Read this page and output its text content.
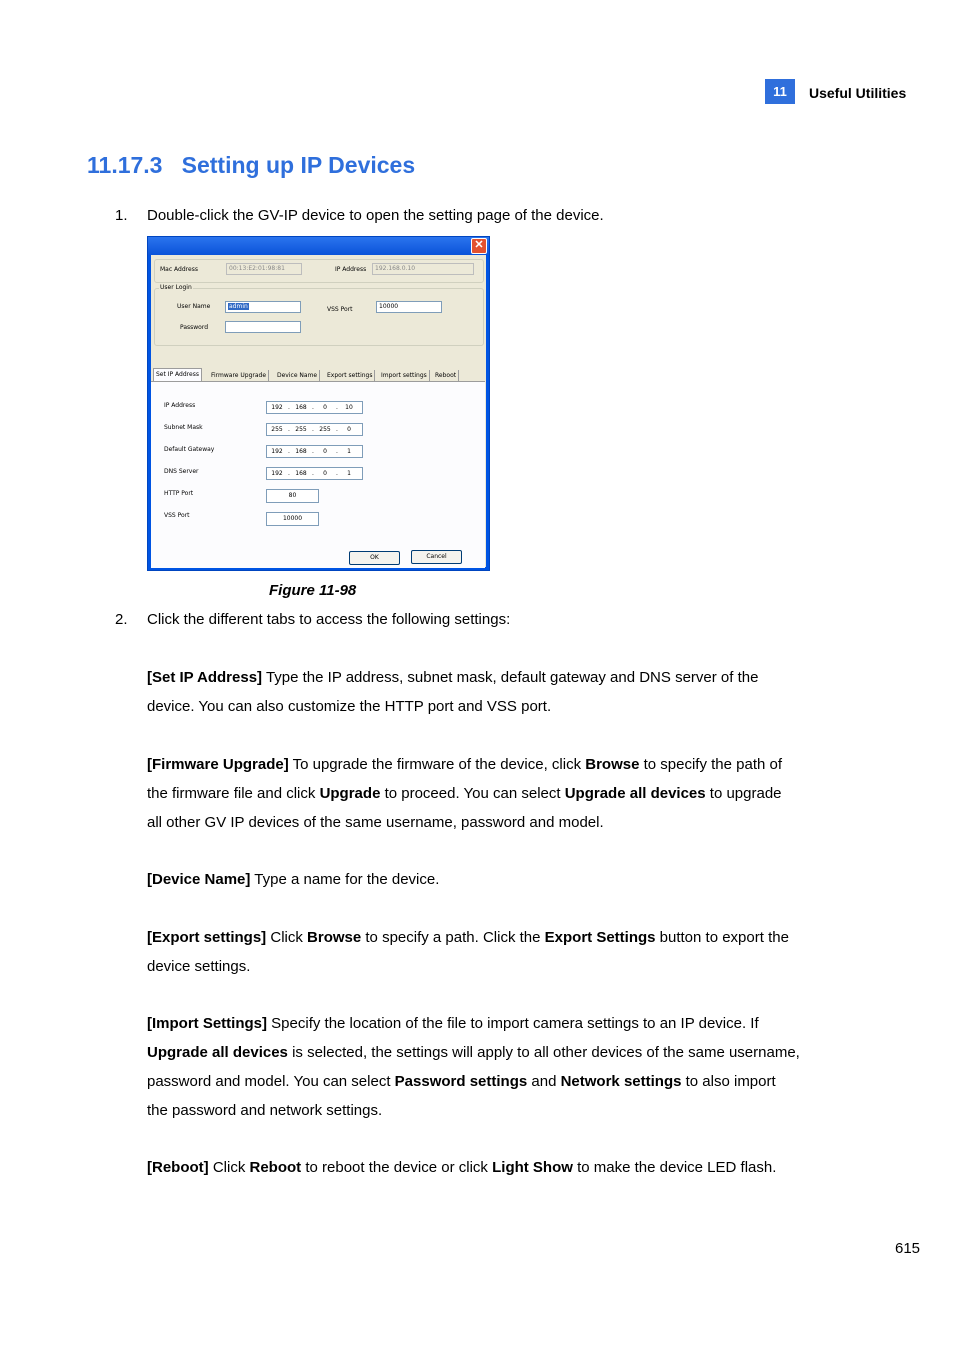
11	Useful Utilities
11.17.3 Setting up IP Devices
1. Double-click the GV-IP device to open the setting page of the device.
✕
Mac Address	00:13:E2:01:98:81	IP Address	192.168.0.10
User Login
User Name	admin	VSS Port	10000
Password
Set IP Address	Firmware Upgrade	Device Name	Export settings	Import settings	Reboot
IP Address	192 . 168 . 0 . 10
Subnet Mask	255 . 255 . 255 . 0
Default Gateway	192 . 168 . 0 . 1
DNS Server	192 . 168 . 0 . 1
HTTP Port	80
VSS Port	10000
OK	Cancel
Figure 11-98
2. Click the different tabs to access the following settings:
[Set IP Address] Type the IP address, subnet mask, default gateway and DNS server of the
device. You can also customize the HTTP port and VSS port.
[Firmware Upgrade] To upgrade the firmware of the device, click Browse to specify the path of
the firmware file and click Upgrade to proceed. You can select Upgrade all devices to upgrade
all other GV IP devices of the same username, password and model.
[Device Name] Type a name for the device.
[Export settings] Click Browse to specify a path. Click the Export Settings button to export the
device settings.
[Import Settings] Specify the location of the file to import camera settings to an IP device. If
Upgrade all devices is selected, the settings will apply to all other devices of the same username,
password and model. You can select Password settings and Network settings to also import
the password and network settings.
[Reboot] Click Reboot to reboot the device or click Light Show to make the device LED flash.
615
